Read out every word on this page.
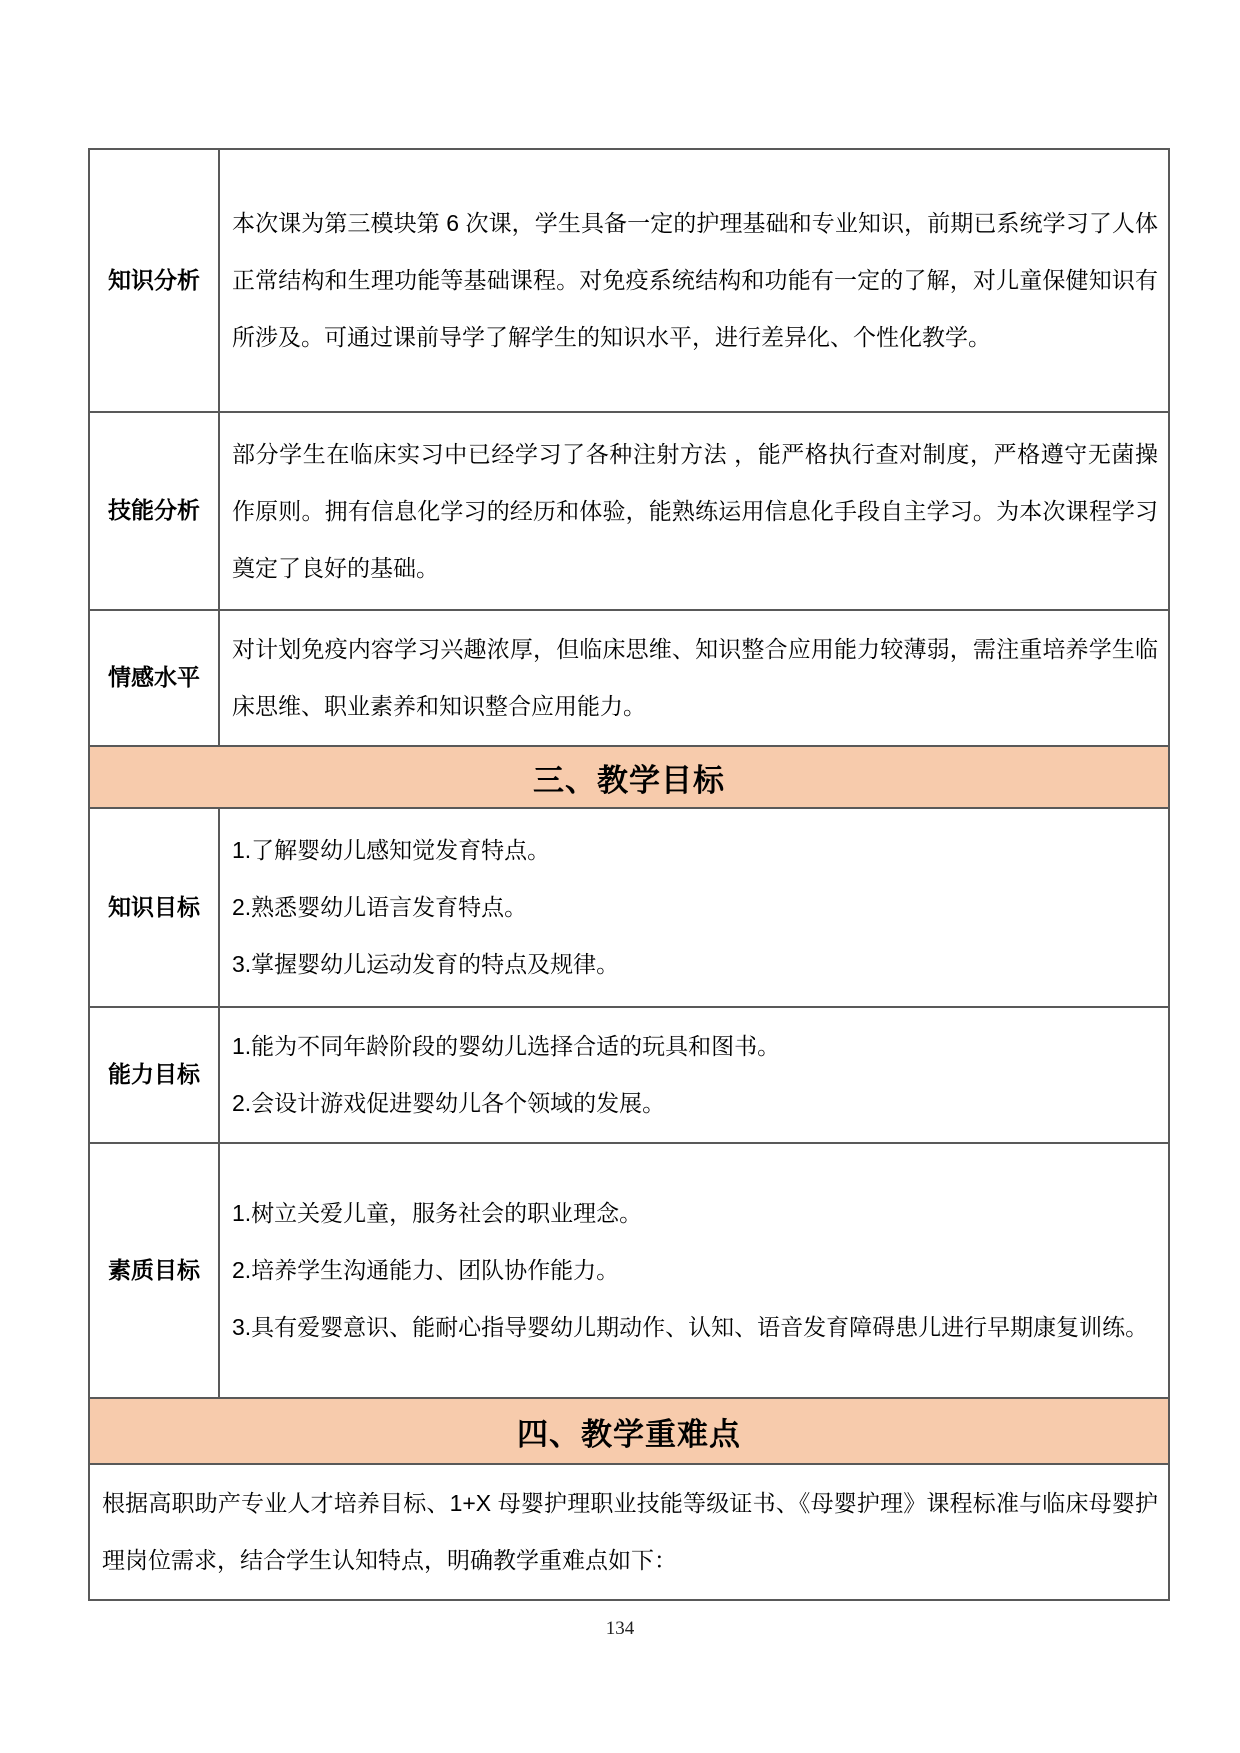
知识分析

本次课为第三模块第 6 次课，学生具备一定的护理基础和专业知识，前期已系统学习了人体正常结构和生理功能等基础课程。对免疫系统结构和功能有一定的了解，对儿童保健知识有所涉及。可通过课前导学了解学生的知识水平，进行差异化、个性化教学。

技能分析

部分学生在临床实习中已经学习了各种注射方法 ，能严格执行查对制度，严格遵守无菌操作原则。拥有信息化学习的经历和体验，能熟练运用信息化手段自主学习。为本次课程学习奠定了良好的基础。

情感水平

对计划免疫内容学习兴趣浓厚，但临床思维、知识整合应用能力较薄弱，需注重培养学生临床思维、职业素养和知识整合应用能力。

三、教学目标
知识目标

1.了解婴幼儿感知觉发育特点。

2.熟悉婴幼儿语言发育特点。

3.掌握婴幼儿运动发育的特点及规律。

能力目标

1.能为不同年龄阶段的婴幼儿选择合适的玩具和图书。

2.会设计游戏促进婴幼儿各个领域的发展。

素质目标

1.树立关爱儿童，服务社会的职业理念。

2.培养学生沟通能力、团队协作能力。

3.具有爱婴意识、能耐心指导婴幼儿期动作、认知、语音发育障碍患儿进行早期康复训练。

四、教学重难点

根据高职助产专业人才培养目标、1+X 母婴护理职业技能等级证书、《母婴护理》课程标准与临床母婴护理岗位需求，结合学生认知特点，明确教学重难点如下：

134
